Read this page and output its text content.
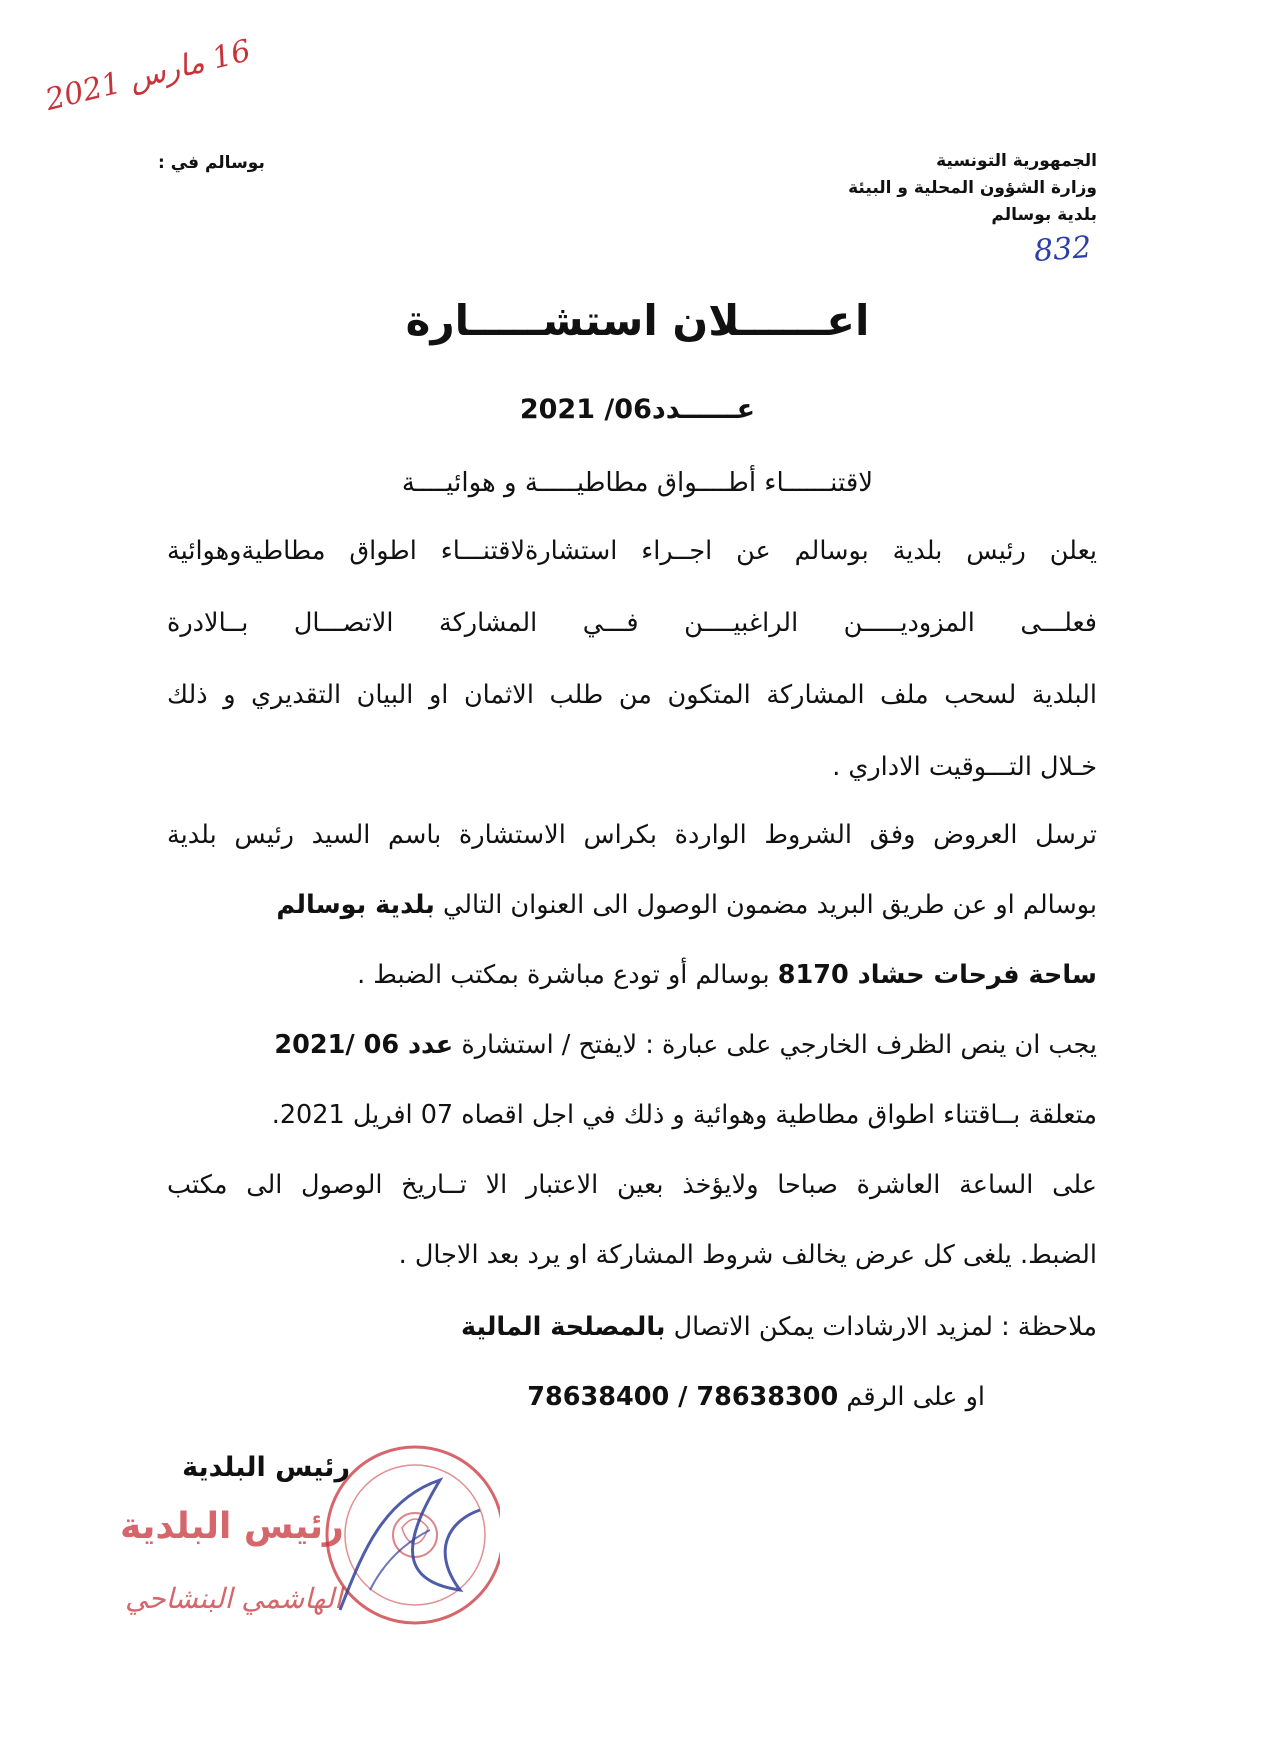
16 مارس 2021
بوسالم في :	الجمهورية التونسية
وزارة الشؤون المحلية و البيئة
بلدية بوسالم
832
اعــــــلان استشـــــارة
عــــــدد06/ 2021
لاقتنــــــاء أطــــواق مطاطيـــــة و هوائيــــة
يعلن رئيس بلدية بوسالم عن اجــراء استشارةلاقتنـــاء اطواق مطاطيةوهوائية
فعلـــى المزوديـــــن الراغبيــــن فـــي المشاركة الاتصـــال بــالادرة
البلدية لسحب ملف المشاركة المتكون من طلب الاثمان او البيان التقديري و ذلك
خـلال التـــوقيت الاداري .
ترسل العروض وفق الشروط الواردة بكراس الاستشارة باسم السيد رئيس بلدية
بوسالم او عن طريق البريد مضمون الوصول الى العنوان التالي بلدية بوسالم
ساحة فرحات حشاد 8170 بوسالم أو تودع مباشرة بمكتب الضبط .
يجب ان ينص الظرف الخارجي على عبارة : لايفتح / استشارة عدد 06 /2021
متعلقة بــاقتناء اطواق مطاطية وهوائية و ذلك في اجل اقصاه 07 افريل 2021.
على الساعة العاشرة صباحا ولايؤخذ بعين الاعتبار الا تــاريخ الوصول الى مكتب
الضبط. يلغى كل عرض يخالف شروط المشاركة او يرد بعد الاجال .
ملاحظة : لمزيد الارشادات يمكن الاتصال بالمصلحة المالية
او على الرقم 78638300 / 78638400
رئيس البلدية
رئيس البلدية
الهاشمي البنشاحي
